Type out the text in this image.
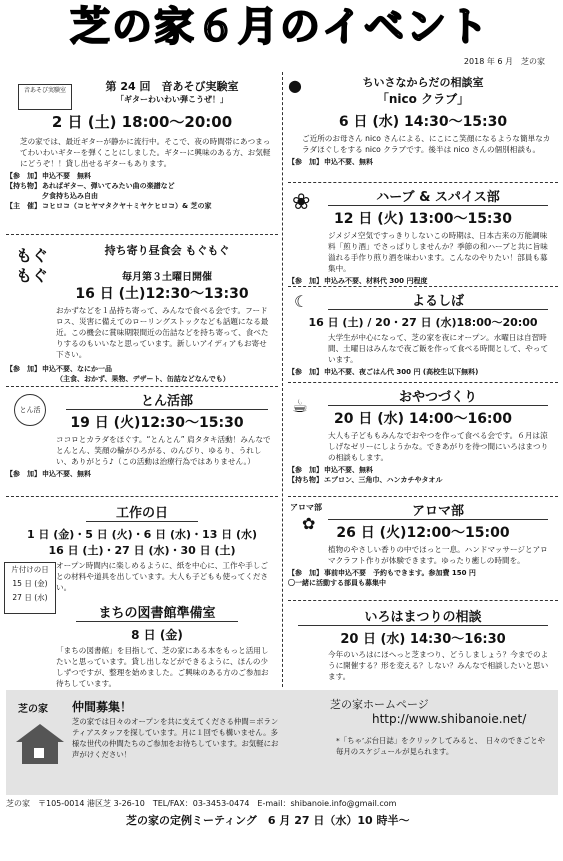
芝の家６月のイベント
2018 年 6 月　芝の家
音あそび実験室	第 24 回　音あそび実験室
「ギターわいわい弾こうぜ！」
2 日 (土) 18:00〜20:00
芝の家では、最近ギターが静かに流行中。そこで、夜の時間帯にあつまってわいわいギターを弾くことにしました。ギターに興味のある方、お気軽にどうぞ！！貸し出せるギターもあります。
【参　加】申込不要　無料
【持ち物】あればギター、弾いてみたい曲の楽譜など
夕食持ち込み自由
【主　催】コヒロコ（コヒヤマタクヤ＋ミヤケヒロコ）& 芝の家
もぐもぐ
持ち寄り昼食会 もぐもぐ
毎月第３土曜日開催
16 日 (土)12:30〜13:30
おかずなどを１品持ち寄って、みんなで食べる会です。フードロス、災害に備えてのローリングストックなども話題になる最近。この機会に賞味期限間近の缶詰などを持ち寄って、食べたりするのもいいなと思っています。新しいアイディアもお寄せ下さい。
【参　加】申込不要、なにか一品
（主食、おかず、果物、デザート、缶詰などなんでも）
とん活
とん活部
19 日 (火)12:30〜15:30
ココロとカラダをほぐす。“とんとん” 肩タタキ活動！みんなでとんとん、笑顔の輪がひろがる、のんびり、ゆるり、うれしい、ありがとう♪（この活動は治療行為ではありません。）
【参　加】申込不要、無料
工作の日
1 日 (金)・5 日 (火)・6 日 (水)・13 日 (水)
16 日 (土)・27 日 (水)・30 日 (土)
オープン時間内に楽しめるように、紙を中心に、工作や手しごとの材料や道具を出しています。大人も子どもも使ってください。
まちの図書館準備室
8 日 (金)
「まちの図書館」を目指して、芝の家にある本をもっと活用したいと思っています。貸し出しなどができるように、ほんの少しずつですが、整理を始めました。ご興味のある方のご参加お待ちしています。
片付けの日
15 日 (金)
27 日 (水)
●	ちいさなからだの相談室
「nico クラブ」
6 日 (水) 14:30〜15:30
ご近所のお母さん nico さんによる、にこにこ笑顔になるような簡単なカラダほぐしをする nico クラブです。後半は nico さんの個別相談も。
【参　加】申込不要、無料
❀	ハーブ & スパイス部
12 日 (火) 13:00〜15:30
ジメジメ空気ですっきりしないこの時期は、日本古来の万能調味料「煎り酒」でさっぱりしませんか？季節の和ハーブと共に旨味溢れる手作り煎り酒を味わいます。こんなのやりたい！部員も募集中。
【参　加】申込み不要、材料代 300 円程度
☾	よるしば
16 日 (土) / 20・27 日 (水)18:00〜20:00
大学生が中心になって、芝の家を夜にオープン。水曜日は自習時間、土曜日はみんなで夜ご飯を作って食べる時間として、やっています。
【参　加】申込不要、夜ごはん代 300 円 (高校生以下無料)
☕	おやつづくり
20 日 (水) 14:00〜16:00
大人も子どももみんなでおやつを作って食べる会です。６月は涼しげなゼリーにしようかな。できあがりを待つ間にいろはまつりの相談もします。
【参　加】申込不要、無料
【持ち物】エプロン、三角巾、ハンカチやタオル
アロマ部
✿
アロマ部
26 日 (火)12:00〜15:00
植物のやさしい香りの中でほっと一息。ハンドマッサージとアロマクラフト作りが体験できます。ゆったり癒しの時間を。
【参　加】事前申込不要　予約もできます。参加費 150 円
〇一緒に活動する部員も募集中
いろはまつりの相談
20 日 (水) 14:30〜16:30
今年のいろはにほへっと芝まつり、どうしましょう？今までのように開催する？形を変える？しない？みんなで相談したいと思います。
芝の家 仲間募集！
芝の家では日々のオープンを共に支えてくださる仲間＝ボランティアスタッフを探しています。月に１回でも構いません。多様な世代の仲間たちのご参加をお待ちしています。お気軽にお声がけください！
芝の家ホームページ
http://www.shibanoie.net/
*「ちゃ’ぶ台日誌」をクリックしてみると、　日々のできごとや毎月のスケジュールが見られます。
芝の家　〒105-0014 港区芝 3-26-10　TEL/FAX：03-3453-0474　E-mail：shibanoie.info@gmail.com
芝の家の定例ミーティング　6 月 27 日（水）10 時半〜
